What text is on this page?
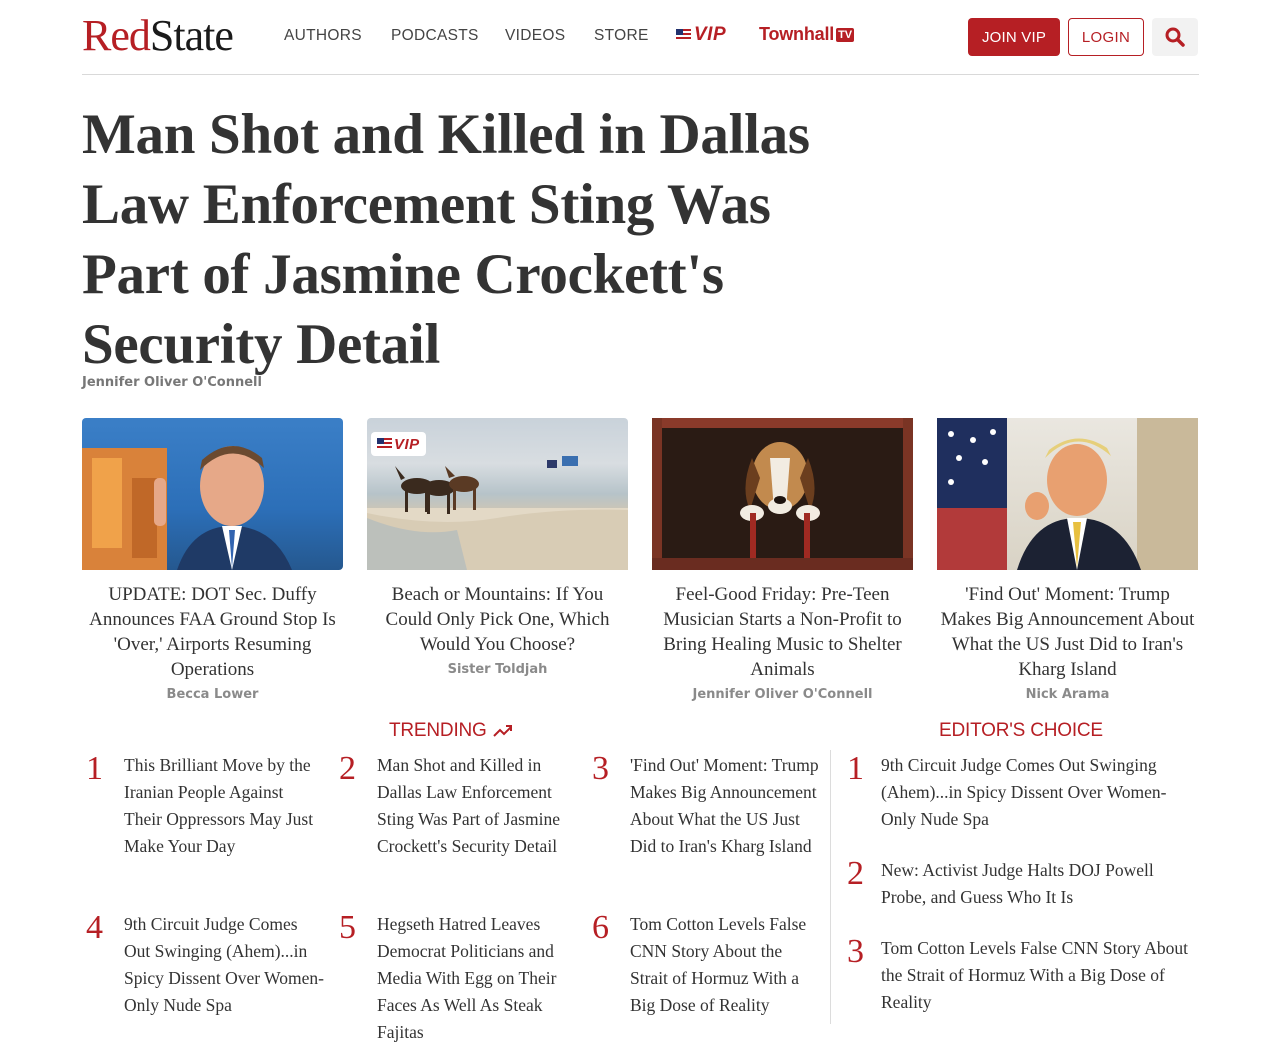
RedState	AUTHORS PODCASTS VIDEOS STORE VIP Townhall TV	JOIN VIP	LOGIN
Man Shot and Killed in Dallas Law Enforcement Sting Was Part of Jasmine Crockett's Security Detail
Jennifer Oliver O'Connell
UPDATE: DOT Sec. Duffy Announces FAA Ground Stop Is 'Over,' Airports Resuming Operations
Becca Lower
VIP
Beach or Mountains: If You Could Only Pick One, Which Would You Choose?
Sister Toldjah
Feel-Good Friday: Pre-Teen Musician Starts a Non-Profit to Bring Healing Music to Shelter Animals
Jennifer Oliver O'Connell
'Find Out' Moment: Trump Makes Big Announcement About What the US Just Did to Iran's Kharg Island
Nick Arama
TRENDING
1 This Brilliant Move by the Iranian People Against Their Oppressors May Just Make Your Day
2 Man Shot and Killed in Dallas Law Enforcement Sting Was Part of Jasmine Crockett's Security Detail
3 'Find Out' Moment: Trump Makes Big Announcement About What the US Just Did to Iran's Kharg Island
4 9th Circuit Judge Comes Out Swinging (Ahem)...in Spicy Dissent Over Women-Only Nude Spa
5 Hegseth Hatred Leaves Democrat Politicians and Media With Egg on Their Faces As Well As Steak Fajitas
6 Tom Cotton Levels False CNN Story About the Strait of Hormuz With a Big Dose of Reality
EDITOR'S CHOICE
1 9th Circuit Judge Comes Out Swinging (Ahem)...in Spicy Dissent Over Women-Only Nude Spa
2 New: Activist Judge Halts DOJ Powell Probe, and Guess Who It Is
3 Tom Cotton Levels False CNN Story About the Strait of Hormuz With a Big Dose of Reality
